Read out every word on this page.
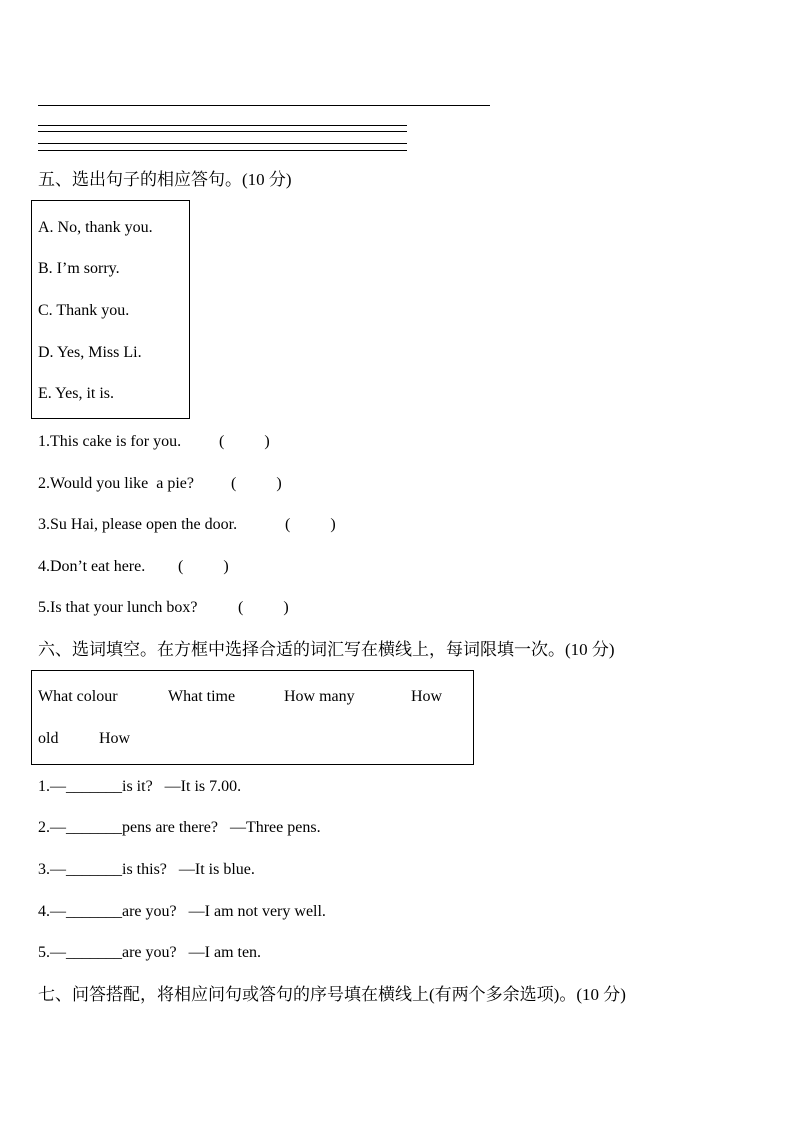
五、选出句子的相应答句。(10 分)
A. No, thank you.
B. I’m sorry.
C. Thank you.
D. Yes, Miss Li.
E. Yes, it is.
1.This cake is for you. (          )
2.Would you like  a pie? (          )
3.Su Hai, please open the door.	(          )
4.Don’t eat here. (          )
5.Is that your lunch box?	(          )
六、选词填空。在方框中选择合适的词汇写在横线上，每词限填一次。(10 分)
What colour	What time	How many	How
old	How
1.—_______is it?   —It is 7.00.
2.—_______pens are there?   —Three pens.
3.—_______is this?   —It is blue.
4.—_______are you?   —I am not very well.
5.—_______are you?   —I am ten.
七、问答搭配，将相应问句或答句的序号填在横线上(有两个多余选项)。(10 分)
